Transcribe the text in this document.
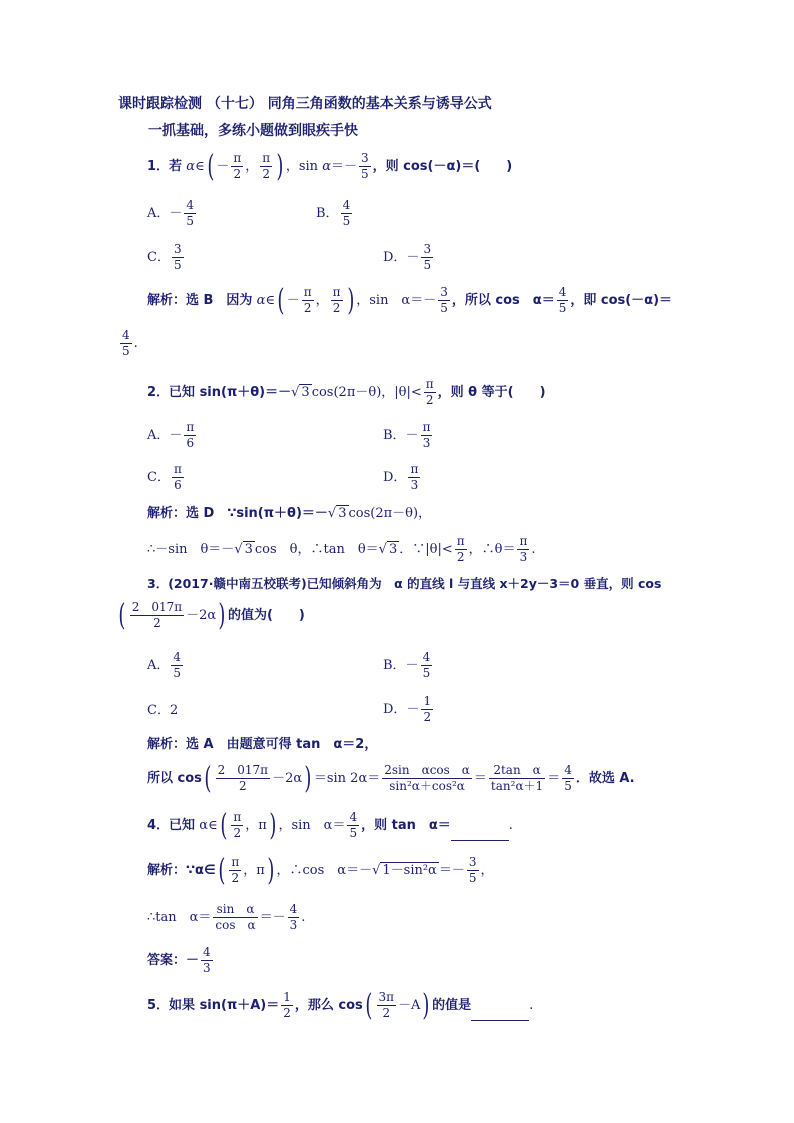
课时跟踪检测 （十七） 同角三角函数的基本关系与诱导公式
一抓基础，多练小题做到眼疾手快
1．若 α∈( － $\frac{\pi}{2}$ ， $\frac{\pi}{2}$ ) ，$\sin \alpha=- \frac{3}{5}$ ，则 cos(－α)＝(　　)
A．－ $\frac{4}{5}$	B． $\frac{4}{5}$
C． $\frac{3}{5}$	D．－ $\frac{3}{5}$
解析：选 B　因为 α∈( － $\frac{\pi}{2}$ ， $\frac{\pi}{2}$ ) ，sin　$\alpha=- \frac{3}{5}$ ，所以 cos　$\alpha= \frac{4}{5}$ ，即 cos(－α)＝
$\frac{4}{5}$ .
2．已知 sin(π＋θ)＝－√ 3 cos(2π－θ)，$|\theta|< \frac{\pi}{2}$ ，则 θ 等于(　　)
A．－ $\frac{\pi}{6}$	B．－ $\frac{\pi}{3}$
C． $\frac{\pi}{6}$	D． $\frac{\pi}{3}$
解析：选 D　∵sin(π＋θ)＝－√ 3 cos(2π－θ)，
∴－sin　θ＝－√ 3 cos　θ，∴tan　θ＝√ 3 ．∵|θ|< $\frac{\pi}{2}$ ，∴θ＝ $\frac{\pi}{3}$ .
3．(2017·赣中南五校联考)已知倾斜角为　α 的直线 l 与直线 x＋2y－3＝0 垂直，则 cos
( $\frac{2 017\pi}{2} -2\alpha$) 的值为(　　)
A． $\frac{4}{5}$	B．－ $\frac{4}{5}$
C．2	D．－ $\frac{1}{2}$
解析：选 A　由题意可得 tan　α＝2，
所以 $\cos( \frac{2 017\pi}{2} -2\alpha) =\sin$ $2\alpha= \frac{\text{2sin　αcos　α}}{\text{sin²α＋cos²α}} = \frac{\text{2tan　α}}{\text{tan²α＋1}} = \frac{4}{5}$ ．故选 A.
4．已知 α∈( $\frac{\pi}{2}$ ，π) ，sin　$\alpha= \frac{4}{5}$ ，则 tan　α＝	.
解析：∵α∈( $\frac{\pi}{2}$ ，π) ，∴cos　α＝－√ $1-\sin^2\alpha =- \frac{3}{5}$ ，
∴tan　$\alpha= \frac{\text{sin　α}}{\text{cos　α}} =- \frac{4}{3}$ .
答案：－ $\frac{4}{3}$
5．如果 $\sin(\pi+A)= \frac{1}{2}$ ，那么 $\cos( \frac{3\pi}{2} -A)$ 的值是	.
